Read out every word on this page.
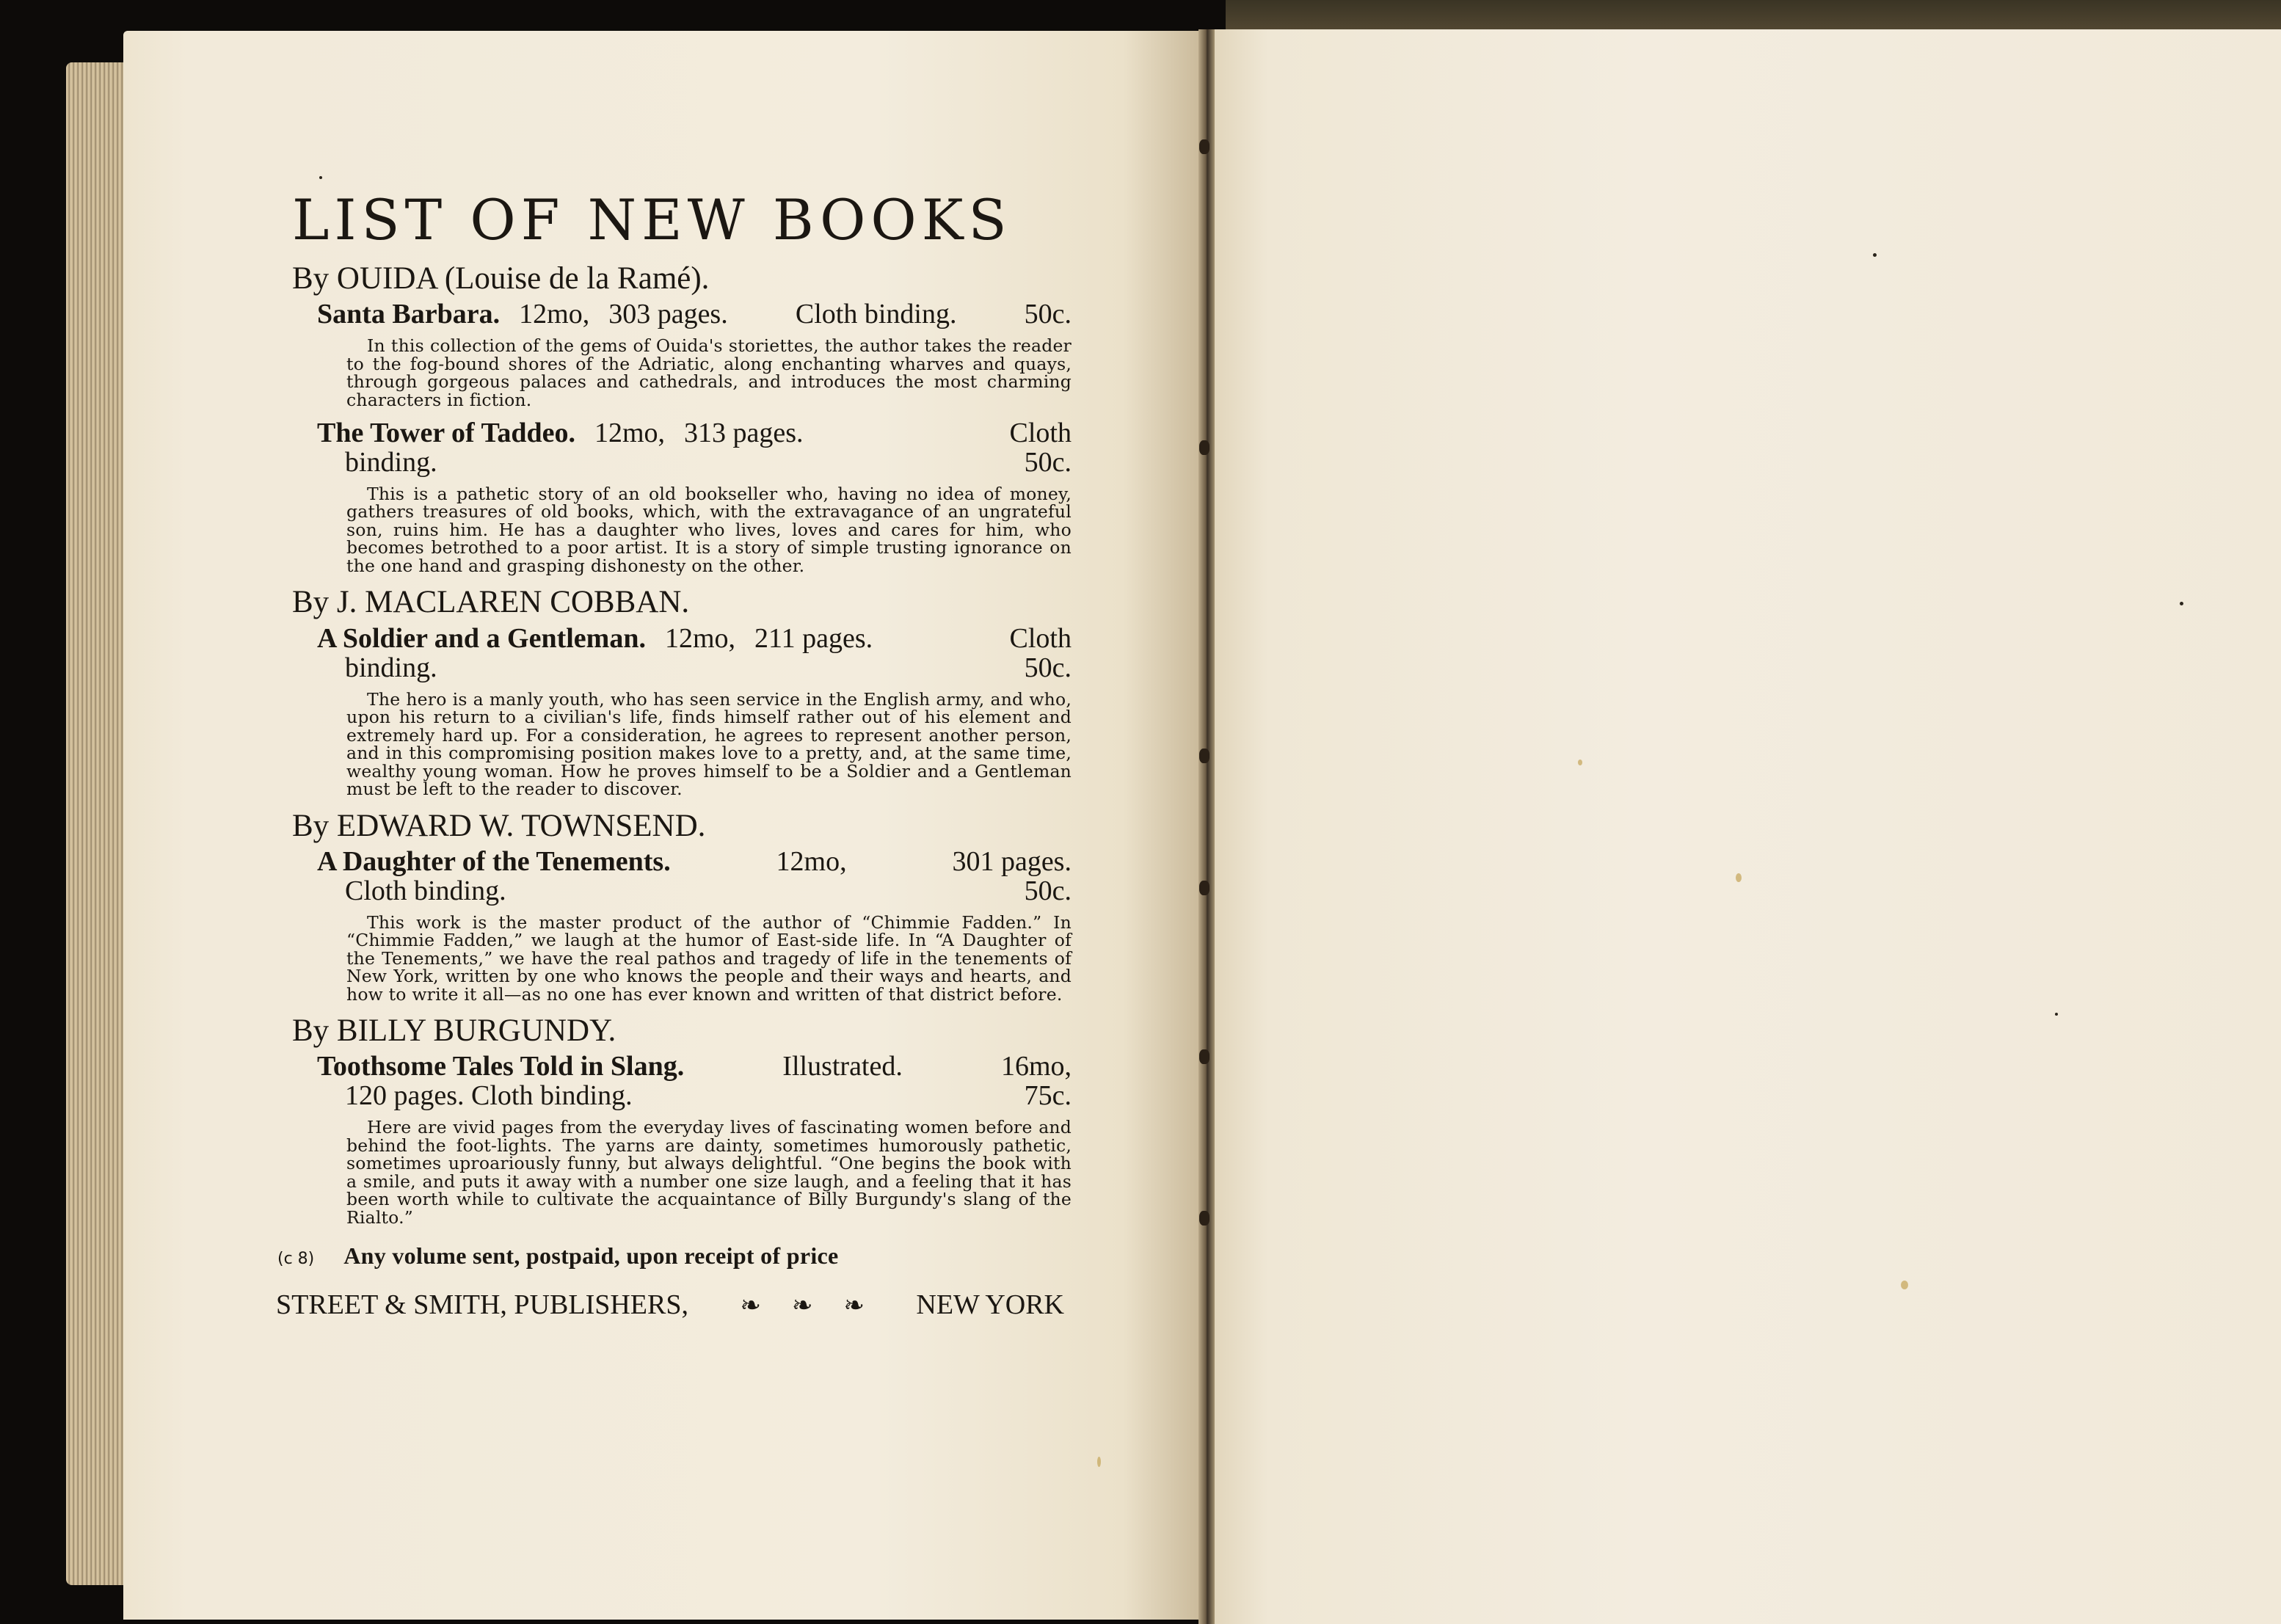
LIST OF NEW BOOKS
By OUIDA (Louise de la Ramé).
Santa Barbara. 12mo, 303 pages. Cloth binding. 50c.

In this collection of the gems of Ouida's storiettes, the author takes the reader to the fog-bound shores of the Adriatic, along enchanting wharves and quays, through gorgeous palaces and cathedrals, and introduces the most charming characters in fiction.

The Tower of Taddeo. 12mo, 313 pages.	Cloth
binding.	50c.

This is a pathetic story of an old bookseller who, having no idea of money, gathers treasures of old books, which, with the extravagance of an ungrateful son, ruins him. He has a daughter who lives, loves and cares for him, who becomes betrothed to a poor artist. It is a story of simple trusting ignorance on the one hand and grasping dishonesty on the other.

By J. MACLAREN COBBAN.
A Soldier and a Gentleman. 12mo, 211 pages.	Cloth
binding.	50c.

The hero is a manly youth, who has seen service in the English army, and who, upon his return to a civilian's life, finds himself rather out of his element and extremely hard up. For a consideration, he agrees to represent another person, and in this compromising position makes love to a pretty, and, at the same time, wealthy young woman. How he proves himself to be a Soldier and a Gentleman must be left to the reader to discover.

By EDWARD W. TOWNSEND.
A Daughter of the Tenements.	12mo,	301 pages.
Cloth binding.	50c.

This work is the master product of the author of “Chimmie Fadden.” In “Chimmie Fadden,” we laugh at the humor of East-side life. In “A Daughter of the Tenements,” we have the real pathos and tragedy of life in the tenements of New York, written by one who knows the people and their ways and hearts, and how to write it all—as no one has ever known and written of that district before.

By BILLY BURGUNDY.
Toothsome Tales Told in Slang.	Illustrated.	16mo,
120 pages. Cloth binding.	75c.

Here are vivid pages from the everyday lives of fascinating women before and behind the foot-lights. The yarns are dainty, sometimes humorously pathetic, sometimes uproariously funny, but always delightful. “One begins the book with a smile, and puts it away with a number one size laugh, and a feeling that it has been worth while to cultivate the acquaintance of Billy Burgundy's slang of the Rialto.”

(c 8) Any volume sent, postpaid, upon receipt of price
STREET & SMITH, PUBLISHERS, ❧ ❧ ❧ NEW YORK
